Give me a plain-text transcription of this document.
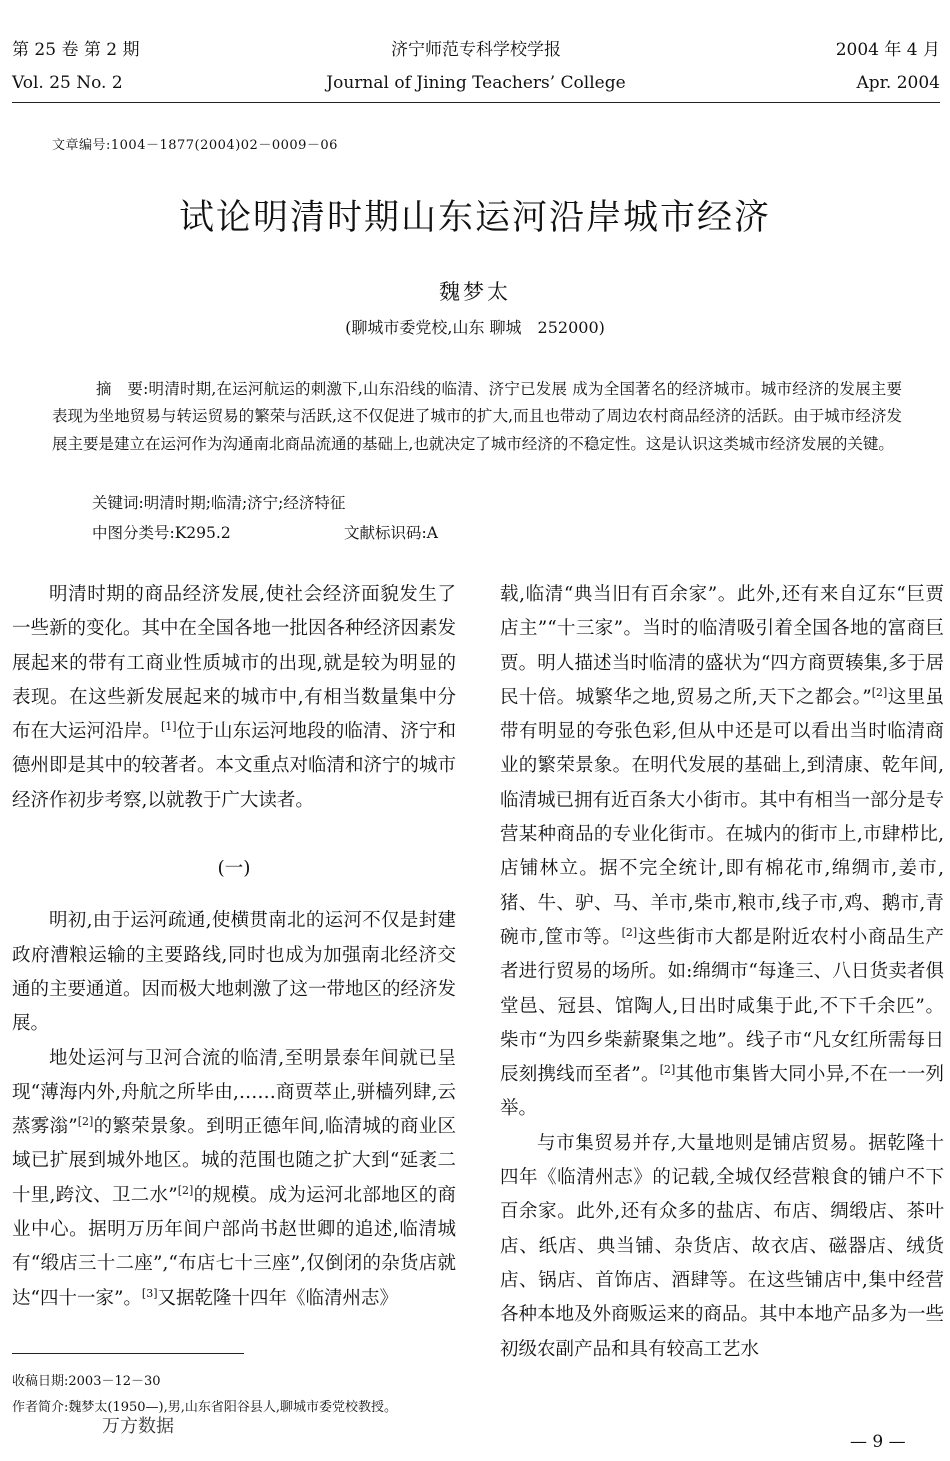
第 25 卷 第 2 期	济宁师范专科学校学报	2004 年 4 月
Vol. 25 No. 2	Journal of Jining Teachers’ College	Apr. 2004
文章编号:1004－1877(2004)02－0009－06
试论明清时期山东运河沿岸城市经济
魏梦太
(聊城市委党校,山东 聊城　252000)

摘　要:明清时期,在运河航运的刺激下,山东沿线的临清、济宁已发展 成为全国著名的经济城市。城市经济的发展主要表现为坐地贸易与转运贸易的繁荣与活跃,这不仅促进了城市的扩大,而且也带动了周边农村商品经济的活跃。由于城市经济发展主要是建立在运河作为沟通南北商品流通的基础上,也就决定了城市经济的不稳定性。这是认识这类城市经济发展的关键。

关键词:明清时期;临清;济宁;经济特征
中图分类号:K295.2	文献标识码:A

明清时期的商品经济发展,使社会经济面貌发生了一些新的变化。其中在全国各地一批因各种经济因素发展起来的带有工商业性质城市的出现,就是较为明显的表现。在这些新发展起来的城市中,有相当数量集中分布在大运河沿岸。[1]位于山东运河地段的临清、济宁和德州即是其中的较著者。本文重点对临清和济宁的城市经济作初步考察,以就教于广大读者。

(一)

明初,由于运河疏通,使横贯南北的运河不仅是封建政府漕粮运输的主要路线,同时也成为加强南北经济交通的主要通道。因而极大地刺激了这一带地区的经济发展。

地处运河与卫河合流的临清,至明景泰年间就已呈现“薄海内外,舟航之所毕由,……商贾萃止,骈樯列肆,云蒸雾滃”[2]的繁荣景象。到明正德年间,临清城的商业区域已扩展到城外地区。城的范围也随之扩大到“延袤二十里,跨汶、卫二水”[2]的规模。成为运河北部地区的商业中心。据明万历年间户部尚书赵世卿的追述,临清城有“缎店三十二座”,“布店七十三座”,仅倒闭的杂货店就达“四十一家”。[3]又据乾隆十四年《临清州志》

载,临清“典当旧有百余家”。此外,还有来自辽东“巨贾店主”“十三家”。当时的临清吸引着全国各地的富商巨贾。明人描述当时临清的盛状为“四方商贾辏集,多于居民十倍。城繁华之地,贸易之所,天下之都会。”[2]这里虽带有明显的夸张色彩,但从中还是可以看出当时临清商业的繁荣景象。在明代发展的基础上,到清康、乾年间,临清城已拥有近百条大小街市。其中有相当一部分是专营某种商品的专业化街市。在城内的街市上,市肆栉比,店铺林立。据不完全统计,即有棉花市,绵绸市,姜市,猪、牛、驴、马、羊市,柴市,粮市,线子市,鸡、鹅市,青碗市,筐市等。[2]这些街市大都是附近农村小商品生产者进行贸易的场所。如:绵绸市“每逢三、八日货卖者俱堂邑、冠县、馆陶人,日出时咸集于此,不下千余匹”。柴市“为四乡柴薪聚集之地”。线子市“凡女红所需每日辰刻携线而至者”。[2]其他市集皆大同小异,不在一一列举。

与市集贸易并存,大量地则是铺店贸易。据乾隆十四年《临清州志》的记载,全城仅经营粮食的铺户不下百余家。此外,还有众多的盐店、布店、绸缎店、茶叶店、纸店、典当铺、杂货店、故衣店、磁器店、绒货店、锅店、首饰店、酒肆等。在这些铺店中,集中经营各种本地及外商贩运来的商品。其中本地产品多为一些初级农副产品和具有较高工艺水

收稿日期:2003－12－30
作者简介:魏梦太(1950—),男,山东省阳谷县人,聊城市委党校教授。
万方数据
— 9 —
